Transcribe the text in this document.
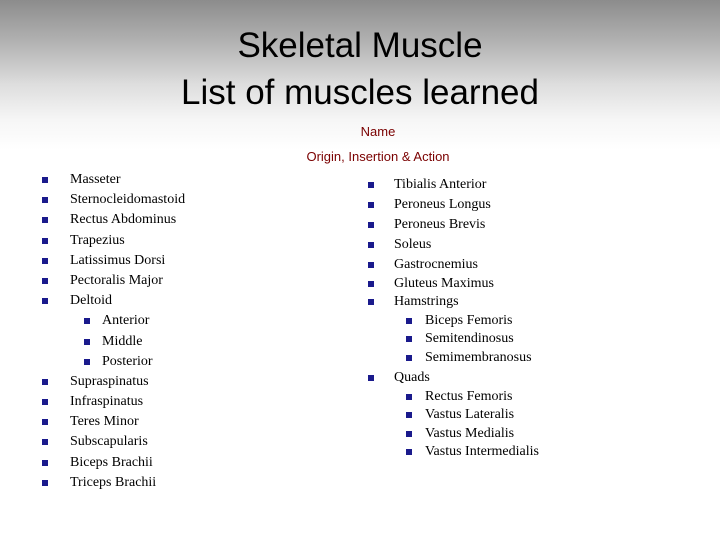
Skeletal Muscle
List of muscles learned
Name
Origin, Insertion & Action
Masseter
Sternocleidomastoid
Rectus Abdominus
Trapezius
Latissimus Dorsi
Pectoralis Major
Deltoid
Anterior
Middle
Posterior
Supraspinatus
Infraspinatus
Teres Minor
Subscapularis
Biceps Brachii
Triceps Brachii
Tibialis Anterior
Peroneus Longus
Peroneus Brevis
Soleus
Gastrocnemius
Gluteus Maximus
Hamstrings
Biceps Femoris
Semitendinosus
Semimembranosus
Quads
Rectus Femoris
Vastus Lateralis
Vastus Medialis
Vastus Intermedialis
